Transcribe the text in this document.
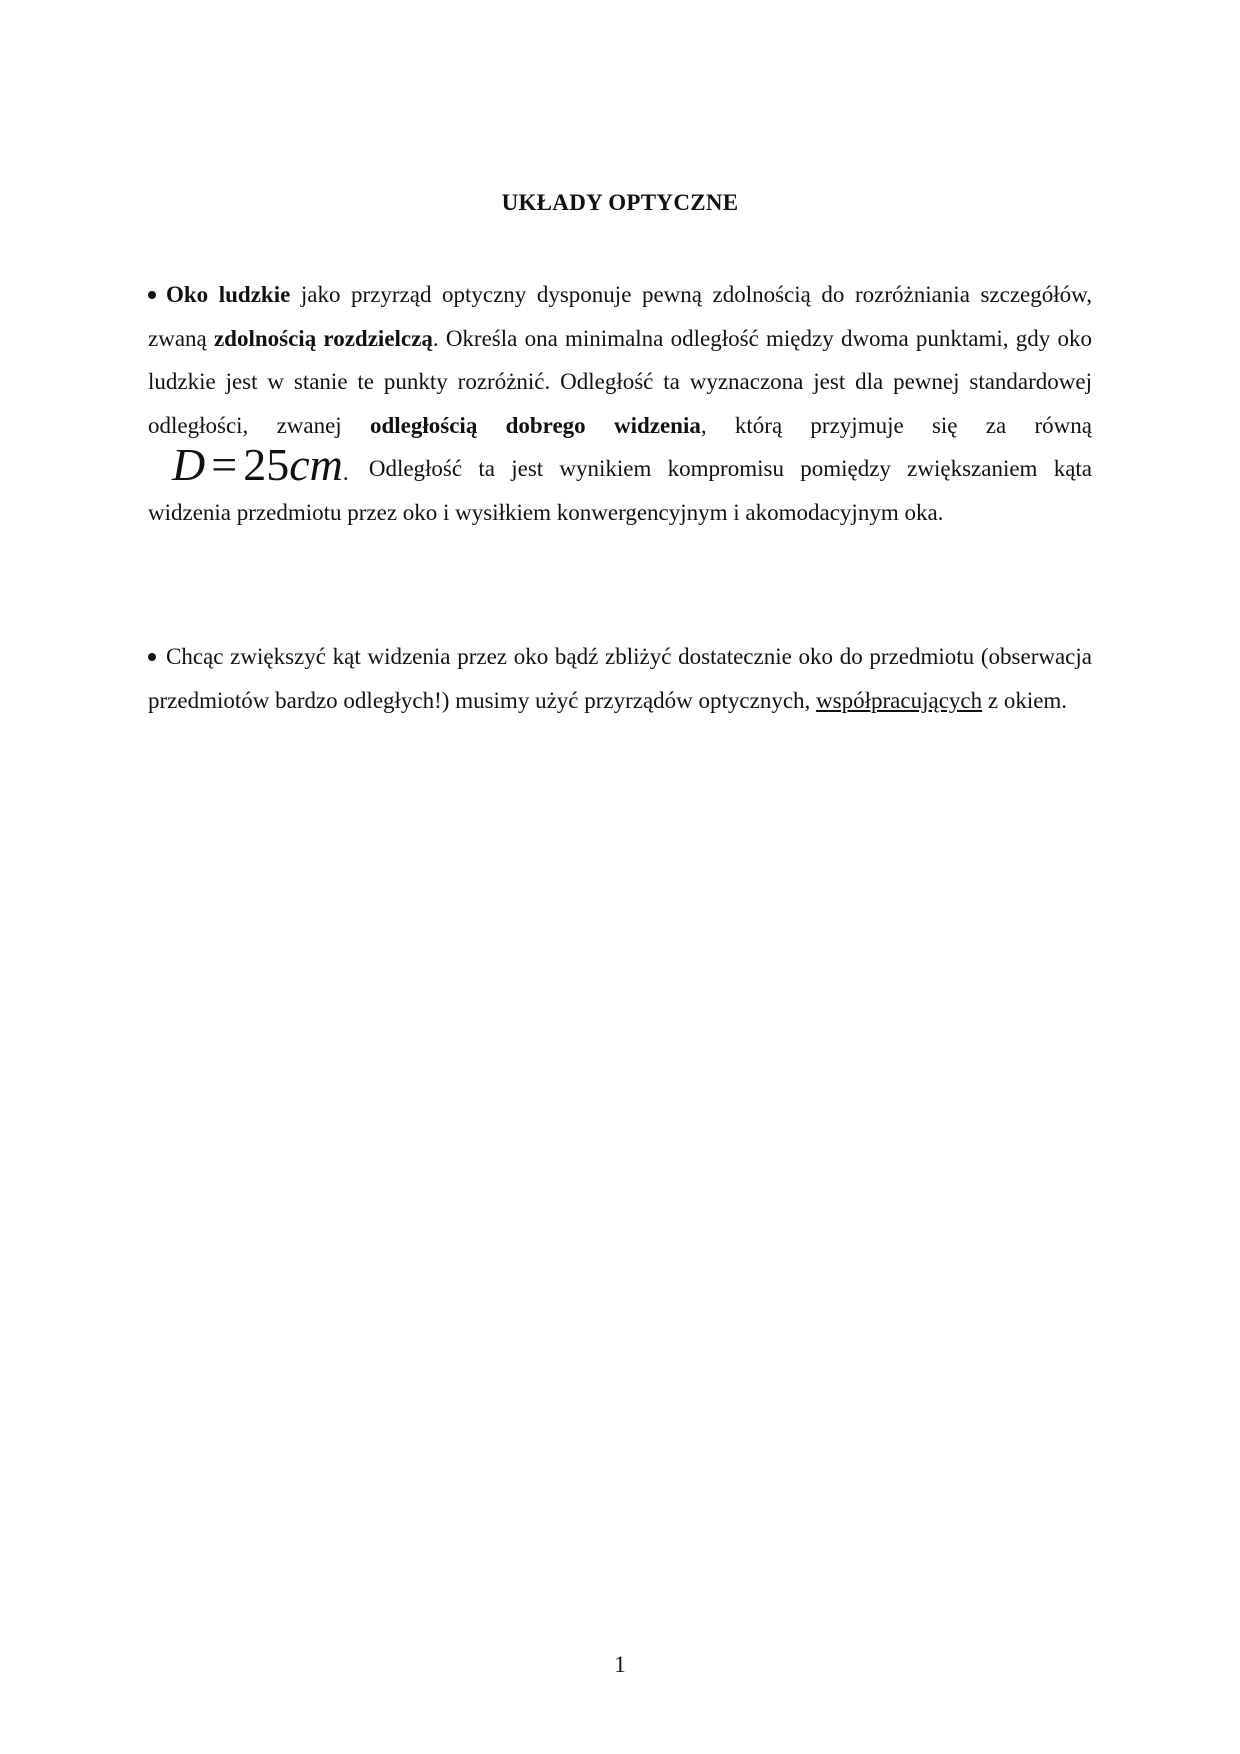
UKŁADY OPTYCZNE
Oko ludzkie jako przyrząd optyczny dysponuje pewną zdolnością do rozróżniania szczegółów, zwaną zdolnością rozdzielczą. Określa ona minimalna odległość między dwoma punktami, gdy oko ludzkie jest w stanie te punkty rozróżnić. Odległość ta wyznaczona jest dla pewnej standardowej odległości, zwanej odległością dobrego widzenia, którą przyjmuje się za równąD = 25cm. Odległość ta jest wynikiem kompromisu pomiędzy zwiększaniem kąta widzenia przedmiotu przez oko i wysiłkiem konwergencyjnym i akomodacyjnym oka.
Chcąc zwiększyć kąt widzenia przez oko bądź zbliżyć dostatecznie oko do przedmiotu (obserwacja przedmiotów bardzo odległych!) musimy użyć przyrządów optycznych, współpracujących z okiem.
1
